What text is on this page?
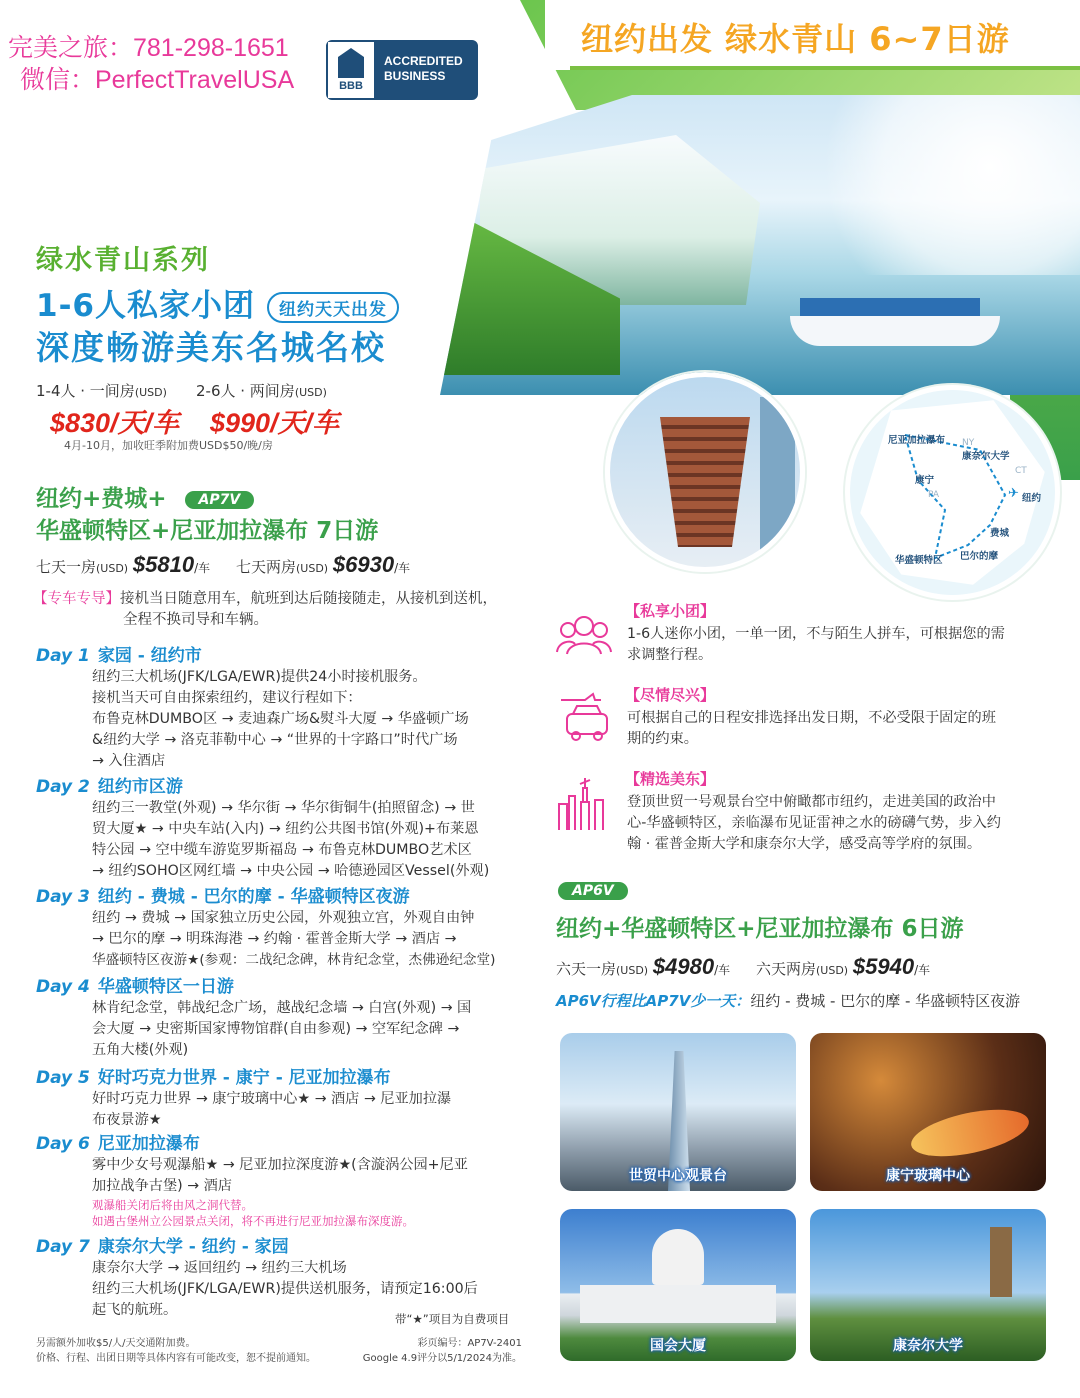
完美之旅：781-298-1651
微信：PerfectTravelUSA	BBB
ACCREDITED BUSINESS
纽约出发 绿水青山 6~7日游
尼亚加拉瀑布
康奈尔大学
康宁
纽约
费城
巴尔的摩
华盛顿特区
NY
CT
PA	✈
绿水青山系列
1-6人私家小团 纽约天天出发
深度畅游美东名城名校
1-4人 · 一间房(USD)
$830/天/车
2-6人 · 两间房(USD)
$990/天/车
4月-10月，加收旺季附加费USD$50/晚/房
纽约+费城+ AP7V
华盛顿特区+尼亚加拉瀑布 7日游
七天一房(USD) $5810/车 七天两房(USD) $6930/车
【专车专导】接机当日随意用车，航班到达后随接随走，从接机到送机，
全程不换司导和车辆。
Day 1 家园 - 纽约市
纽约三大机场(JFK/LGA/EWR)提供24小时接机服务。
接机当天可自由探索纽约，建议行程如下：
布鲁克林DUMBO区 → 麦迪森广场&熨斗大厦 → 华盛顿广场
&纽约大学 → 洛克菲勒中心 → “世界的十字路口”时代广场
→ 入住酒店
Day 2 纽约市区游
纽约三一教堂(外观) → 华尔街 → 华尔街铜牛(拍照留念) → 世
贸大厦★ → 中央车站(入内) → 纽约公共图书馆(外观)+布莱恩
特公园 → 空中缆车游览罗斯福岛 → 布鲁克林DUMBO艺术区
→ 纽约SOHO区网红墙 → 中央公园 → 哈德逊园区Vessel(外观)
Day 3 纽约 - 费城 - 巴尔的摩 - 华盛顿特区夜游
纽约 → 费城 → 国家独立历史公园，外观独立宫，外观自由钟
→ 巴尔的摩 → 明珠海港 → 约翰 · 霍普金斯大学 → 酒店 →
华盛顿特区夜游★(参观：二战纪念碑，林肯纪念堂，杰佛逊纪念堂)
Day 4 华盛顿特区一日游
林肯纪念堂，韩战纪念广场，越战纪念墙 → 白宫(外观) → 国
会大厦 → 史密斯国家博物馆群(自由参观) → 空军纪念碑 →
五角大楼(外观)
Day 5 好时巧克力世界 - 康宁 - 尼亚加拉瀑布
好时巧克力世界 → 康宁玻璃中心★ → 酒店 → 尼亚加拉瀑
布夜景游★
Day 6 尼亚加拉瀑布
雾中少女号观瀑船★ → 尼亚加拉深度游★(含漩涡公园+尼亚
加拉战争古堡) → 酒店
观瀑船关闭后将由风之洞代替。
如遇古堡州立公园景点关闭，将不再进行尼亚加拉瀑布深度游。
Day 7 康奈尔大学 - 纽约 - 家园
康奈尔大学 → 返回纽约 → 纽约三大机场
纽约三大机场(JFK/LGA/EWR)提供送机服务，请预定16:00后
起飞的航班。
带“★”项目为自费项目
另需额外加收$5/人/天交通附加费。
价格、行程、出团日期等具体内容有可能改变，恕不提前通知。
彩页编号：AP7V-2401
Google 4.9评分以5/1/2024为准。
【私享小团】
1-6人迷你小团，一单一团，不与陌生人拼车，可根据您的需
求调整行程。
【尽情尽兴】
可根据自己的日程安排选择出发日期，不必受限于固定的班
期的约束。
【精选美东】
登顶世贸一号观景台空中俯瞰都市纽约，走进美国的政治中
心-华盛顿特区，亲临瀑布见证雷神之水的磅礴气势，步入约
翰 · 霍普金斯大学和康奈尔大学，感受高等学府的氛围。
AP6V
纽约+华盛顿特区+尼亚加拉瀑布 6日游
六天一房(USD) $4980/车 六天两房(USD) $5940/车
AP6V行程比AP7V少一天：纽约 - 费城 - 巴尔的摩 - 华盛顿特区夜游
世贸中心观景台	康宁玻璃中心
国会大厦	康奈尔大学
